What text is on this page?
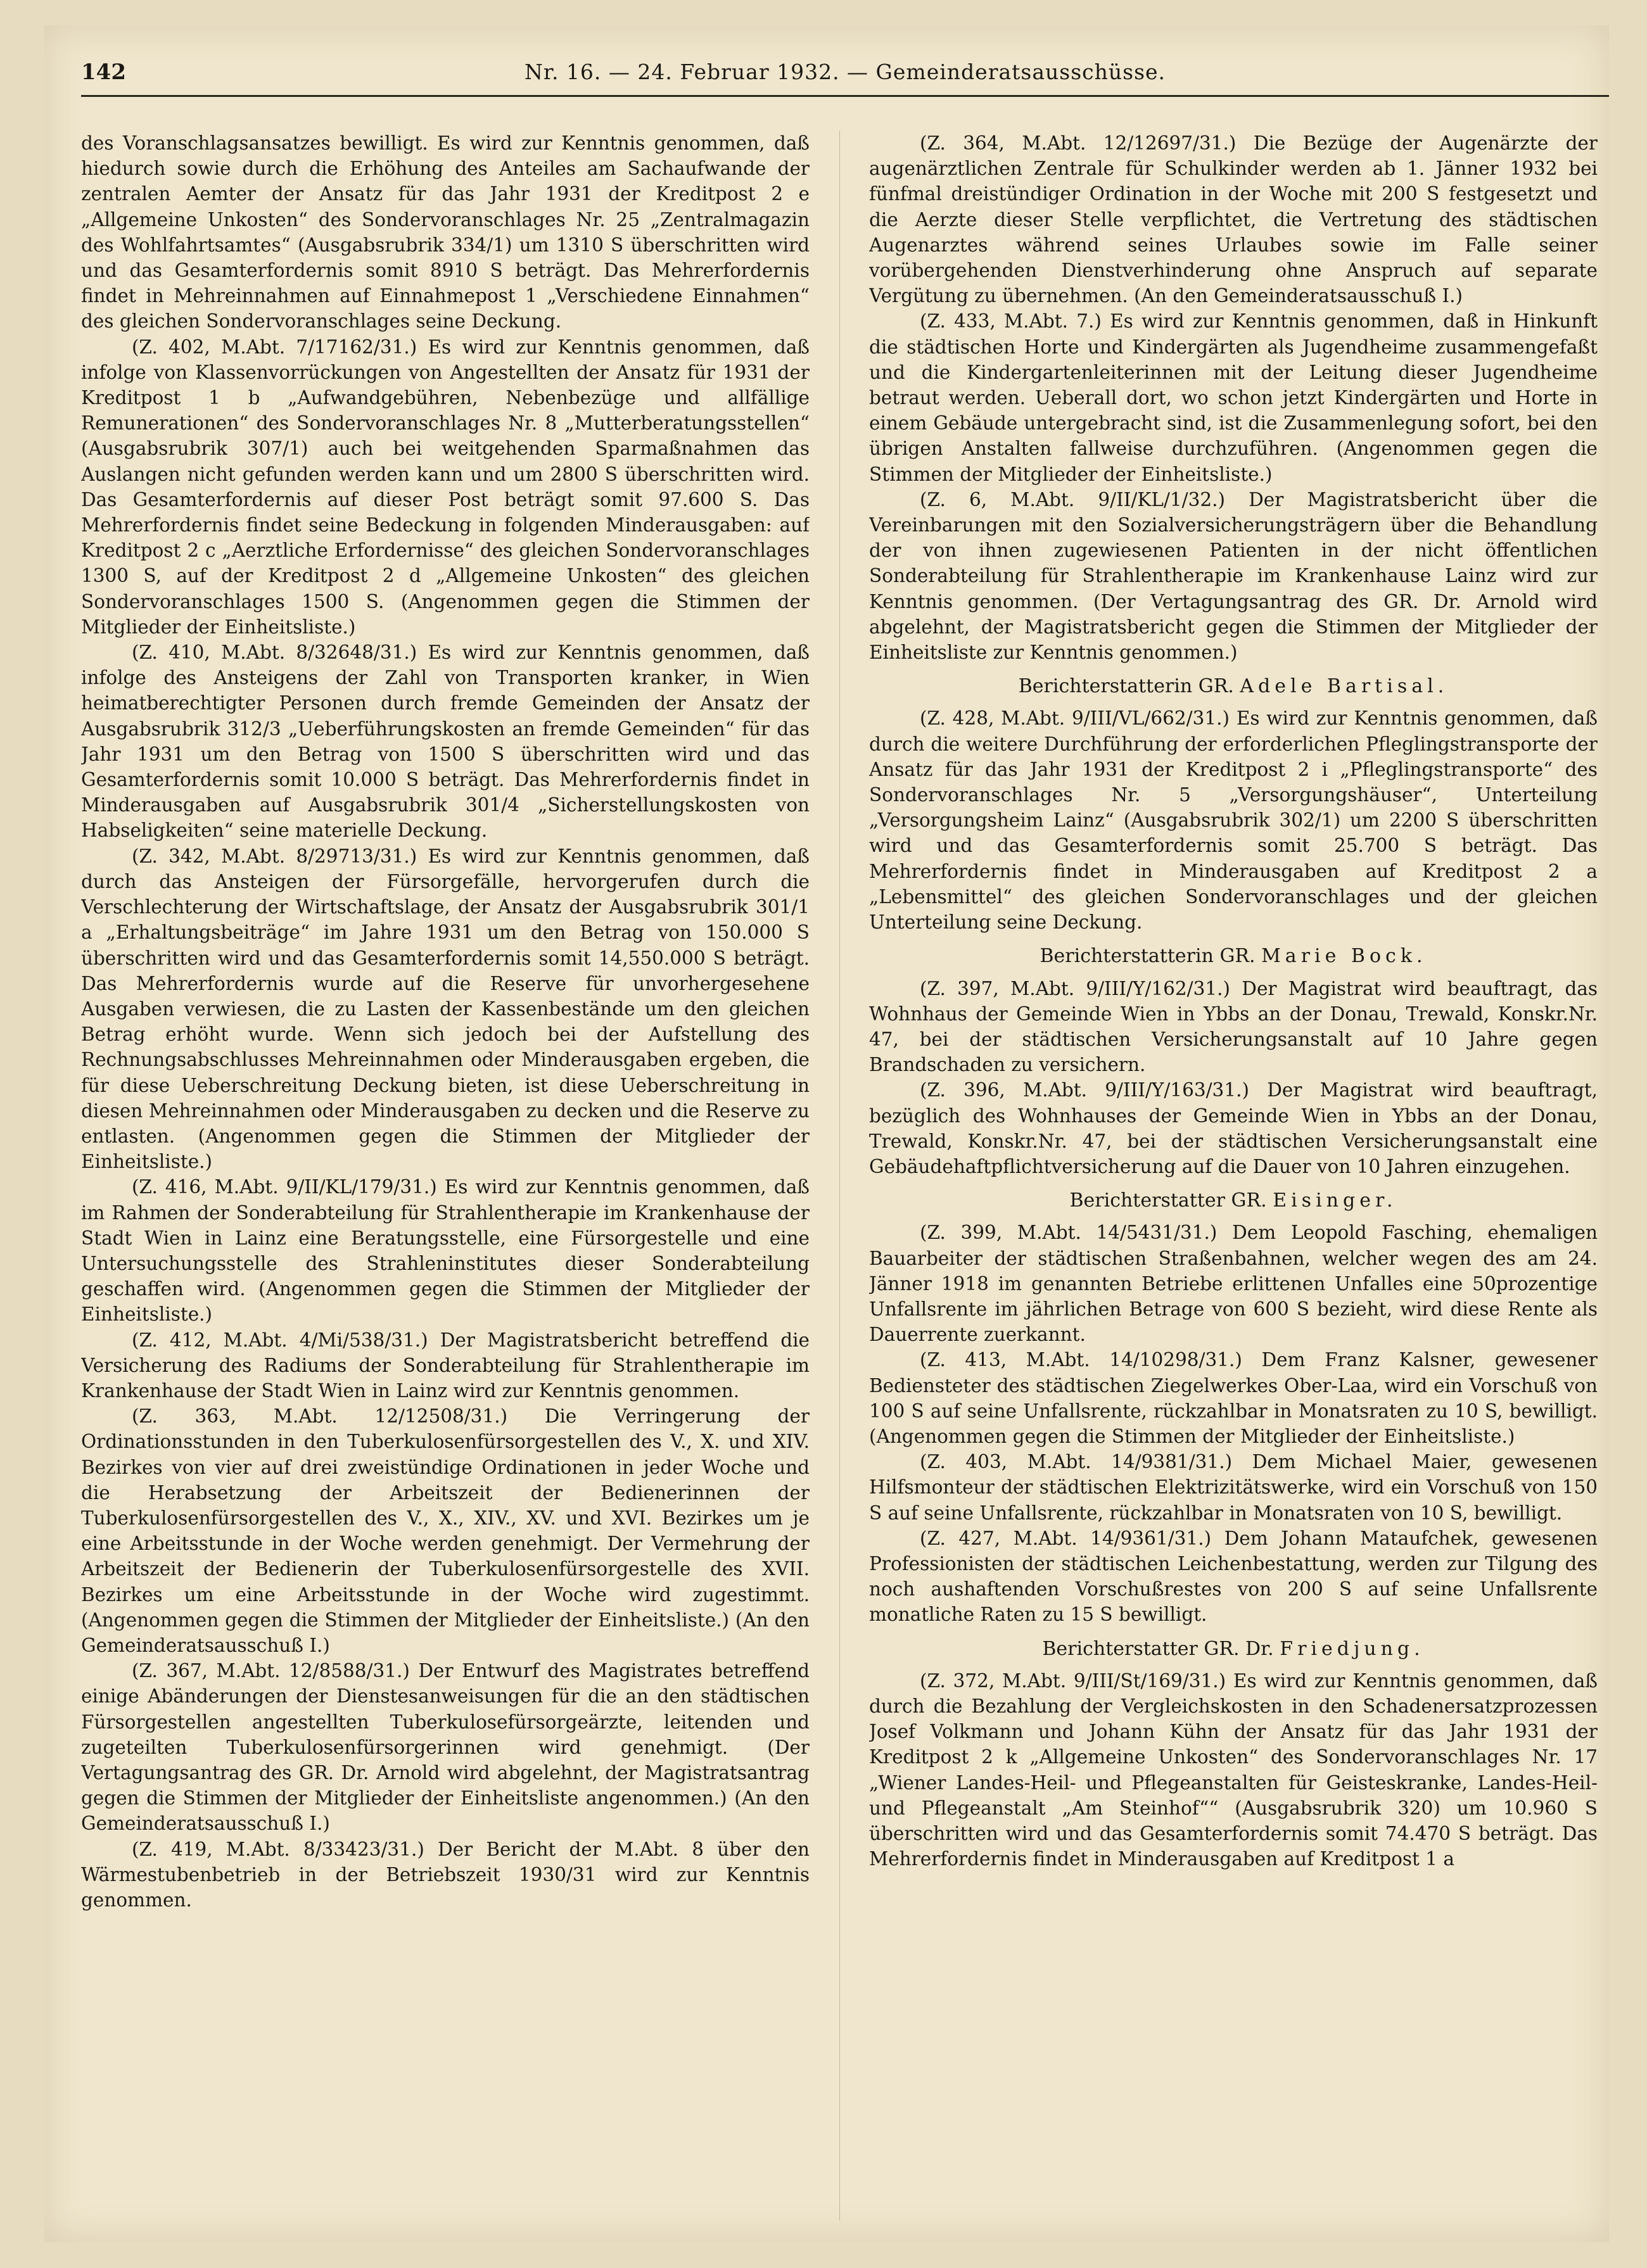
142	Nr. 16. — 24. Februar 1932. — Gemeinderatsausschüsse.

des Voranschlagsansatzes bewilligt. Es wird zur Kenntnis genommen, daß hiedurch sowie durch die Erhöhung des Anteiles am Sachaufwande der zentralen Aemter der Ansatz für das Jahr 1931 der Kreditpost 2 e „Allgemeine Unkosten“ des Sondervoranschlages Nr. 25 „Zentralmagazin des Wohlfahrtsamtes“ (Ausgabsrubrik 334/1) um 1310 S überschritten wird und das Gesamterfordernis somit 8910 S beträgt. Das Mehrerfordernis findet in Mehreinnahmen auf Einnahmepost 1 „Verschiedene Einnahmen“ des gleichen Sondervoranschlages seine Deckung.

(Z. 402, M.Abt. 7/17162/31.) Es wird zur Kenntnis genommen, daß infolge von Klassenvorrückungen von Angestellten der Ansatz für 1931 der Kreditpost 1 b „Aufwandgebühren, Nebenbezüge und allfällige Remunerationen“ des Sondervoranschlages Nr. 8 „Mutterberatungsstellen“ (Ausgabsrubrik 307/1) auch bei weitgehenden Sparmaßnahmen das Auslangen nicht gefunden werden kann und um 2800 S überschritten wird. Das Gesamterfordernis auf dieser Post beträgt somit 97.600 S. Das Mehrerfordernis findet seine Bedeckung in folgenden Minderausgaben: auf Kreditpost 2 c „Aerztliche Erfordernisse“ des gleichen Sondervoranschlages 1300 S, auf der Kreditpost 2 d „Allgemeine Unkosten“ des gleichen Sondervoranschlages 1500 S. (Angenommen gegen die Stimmen der Mitglieder der Einheitsliste.)

(Z. 410, M.Abt. 8/32648/31.) Es wird zur Kenntnis genommen, daß infolge des Ansteigens der Zahl von Transporten kranker, in Wien heimatberechtigter Personen durch fremde Gemeinden der Ansatz der Ausgabsrubrik 312/3 „Ueberführungskosten an fremde Gemeinden“ für das Jahr 1931 um den Betrag von 1500 S überschritten wird und das Gesamterfordernis somit 10.000 S beträgt. Das Mehrerfordernis findet in Minderausgaben auf Ausgabsrubrik 301/4 „Sicherstellungskosten von Habseligkeiten“ seine materielle Deckung.

(Z. 342, M.Abt. 8/29713/31.) Es wird zur Kenntnis genommen, daß durch das Ansteigen der Fürsorgefälle, hervorgerufen durch die Verschlechterung der Wirtschaftslage, der Ansatz der Ausgabsrubrik 301/1 a „Erhaltungsbeiträge“ im Jahre 1931 um den Betrag von 150.000 S überschritten wird und das Gesamterfordernis somit 14,550.000 S beträgt. Das Mehrerfordernis wurde auf die Reserve für unvorhergesehene Ausgaben verwiesen, die zu Lasten der Kassenbestände um den gleichen Betrag erhöht wurde. Wenn sich jedoch bei der Aufstellung des Rechnungsabschlusses Mehreinnahmen oder Minderausgaben ergeben, die für diese Ueberschreitung Deckung bieten, ist diese Ueberschreitung in diesen Mehreinnahmen oder Minderausgaben zu decken und die Reserve zu entlasten. (Angenommen gegen die Stimmen der Mitglieder der Einheitsliste.)

(Z. 416, M.Abt. 9/II/KL/179/31.) Es wird zur Kenntnis genommen, daß im Rahmen der Sonderabteilung für Strahlentherapie im Krankenhause der Stadt Wien in Lainz eine Beratungsstelle, eine Fürsorgestelle und eine Untersuchungsstelle des Strahleninstitutes dieser Sonderabteilung geschaffen wird. (Angenommen gegen die Stimmen der Mitglieder der Einheitsliste.)

(Z. 412, M.Abt. 4/Mi/538/31.) Der Magistratsbericht betreffend die Versicherung des Radiums der Sonderabteilung für Strahlentherapie im Krankenhause der Stadt Wien in Lainz wird zur Kenntnis genommen.

(Z. 363, M.Abt. 12/12508/31.) Die Verringerung der Ordinationsstunden in den Tuberkulosenfürsorgestellen des V., X. und XIV. Bezirkes von vier auf drei zweistündige Ordinationen in jeder Woche und die Herabsetzung der Arbeitszeit der Bedienerinnen der Tuberkulosenfürsorgestellen des V., X., XIV., XV. und XVI. Bezirkes um je eine Arbeitsstunde in der Woche werden genehmigt. Der Vermehrung der Arbeitszeit der Bedienerin der Tuberkulosenfürsorgestelle des XVII. Bezirkes um eine Arbeitsstunde in der Woche wird zugestimmt. (Angenommen gegen die Stimmen der Mitglieder der Einheitsliste.) (An den Gemeinderatsausschuß I.)

(Z. 367, M.Abt. 12/8588/31.) Der Entwurf des Magistrates betreffend einige Abänderungen der Dienstesanweisungen für die an den städtischen Fürsorgestellen angestellten Tuberkulosefürsorgeärzte, leitenden und zugeteilten Tuberkulosenfürsorgerinnen wird genehmigt. (Der Vertagungsantrag des GR. Dr. Arnold wird abgelehnt, der Magistratsantrag gegen die Stimmen der Mitglieder der Einheitsliste angenommen.) (An den Gemeinderatsausschuß I.)

(Z. 419, M.Abt. 8/33423/31.) Der Bericht der M.Abt. 8 über den Wärmestubenbetrieb in der Betriebszeit 1930/31 wird zur Kenntnis genommen.

(Z. 364, M.Abt. 12/12697/31.) Die Bezüge der Augenärzte der augenärztlichen Zentrale für Schulkinder werden ab 1. Jänner 1932 bei fünfmal dreistündiger Ordination in der Woche mit 200 S festgesetzt und die Aerzte dieser Stelle verpflichtet, die Vertretung des städtischen Augenarztes während seines Urlaubes sowie im Falle seiner vorübergehenden Dienstverhinderung ohne Anspruch auf separate Vergütung zu übernehmen. (An den Gemeinderatsausschuß I.)

(Z. 433, M.Abt. 7.) Es wird zur Kenntnis genommen, daß in Hinkunft die städtischen Horte und Kindergärten als Jugendheime zusammengefaßt und die Kindergartenleiterinnen mit der Leitung dieser Jugendheime betraut werden. Ueberall dort, wo schon jetzt Kindergärten und Horte in einem Gebäude untergebracht sind, ist die Zusammenlegung sofort, bei den übrigen Anstalten fallweise durchzuführen. (Angenommen gegen die Stimmen der Mitglieder der Einheitsliste.)

(Z. 6, M.Abt. 9/II/KL/1/32.) Der Magistratsbericht über die Vereinbarungen mit den Sozialversicherungsträgern über die Behandlung der von ihnen zugewiesenen Patienten in der nicht öffentlichen Sonderabteilung für Strahlentherapie im Krankenhause Lainz wird zur Kenntnis genommen. (Der Vertagungsantrag des GR. Dr. Arnold wird abgelehnt, der Magistratsbericht gegen die Stimmen der Mitglieder der Einheitsliste zur Kenntnis genommen.)

Berichterstatterin GR. Adele Bartisal.

(Z. 428, M.Abt. 9/III/VL/662/31.) Es wird zur Kenntnis genommen, daß durch die weitere Durchführung der erforderlichen Pfleglingstransporte der Ansatz für das Jahr 1931 der Kreditpost 2 i „Pfleglingstransporte“ des Sondervoranschlages Nr. 5 „Versorgungshäuser“, Unterteilung „Versorgungsheim Lainz“ (Ausgabsrubrik 302/1) um 2200 S überschritten wird und das Gesamterfordernis somit 25.700 S beträgt. Das Mehrerfordernis findet in Minderausgaben auf Kreditpost 2 a „Lebensmittel“ des gleichen Sondervoranschlages und der gleichen Unterteilung seine Deckung.

Berichterstatterin GR. Marie Bock.

(Z. 397, M.Abt. 9/III/Y/162/31.) Der Magistrat wird beauftragt, das Wohnhaus der Gemeinde Wien in Ybbs an der Donau, Trewald, Konskr.Nr. 47, bei der städtischen Versicherungsanstalt auf 10 Jahre gegen Brandschaden zu versichern.

(Z. 396, M.Abt. 9/III/Y/163/31.) Der Magistrat wird beauftragt, bezüglich des Wohnhauses der Gemeinde Wien in Ybbs an der Donau, Trewald, Konskr.Nr. 47, bei der städtischen Versicherungsanstalt eine Gebäudehaftpflichtversicherung auf die Dauer von 10 Jahren einzugehen.

Berichterstatter GR. Eisinger.

(Z. 399, M.Abt. 14/5431/31.) Dem Leopold Fasching, ehemaligen Bauarbeiter der städtischen Straßenbahnen, welcher wegen des am 24. Jänner 1918 im genannten Betriebe erlittenen Unfalles eine 50prozentige Unfallsrente im jährlichen Betrage von 600 S bezieht, wird diese Rente als Dauerrente zuerkannt.

(Z. 413, M.Abt. 14/10298/31.) Dem Franz Kalsner, gewesener Bediensteter des städtischen Ziegelwerkes Ober-Laa, wird ein Vorschuß von 100 S auf seine Unfallsrente, rückzahlbar in Monatsraten zu 10 S, bewilligt. (Angenommen gegen die Stimmen der Mitglieder der Einheitsliste.)

(Z. 403, M.Abt. 14/9381/31.) Dem Michael Maier, gewesenen Hilfsmonteur der städtischen Elektrizitätswerke, wird ein Vorschuß von 150 S auf seine Unfallsrente, rückzahlbar in Monatsraten von 10 S, bewilligt.

(Z. 427, M.Abt. 14/9361/31.) Dem Johann Mataufchek, gewesenen Professionisten der städtischen Leichenbestattung, werden zur Tilgung des noch aushaftenden Vorschußrestes von 200 S auf seine Unfallsrente monatliche Raten zu 15 S bewilligt.

Berichterstatter GR. Dr. Friedjung.

(Z. 372, M.Abt. 9/III/St/169/31.) Es wird zur Kenntnis genommen, daß durch die Bezahlung der Vergleichskosten in den Schadenersatzprozessen Josef Volkmann und Johann Kühn der Ansatz für das Jahr 1931 der Kreditpost 2 k „Allgemeine Unkosten“ des Sondervoranschlages Nr. 17 „Wiener Landes-Heil- und Pflegeanstalten für Geisteskranke, Landes-Heil- und Pflegeanstalt „Am Steinhof““ (Ausgabsrubrik 320) um 10.960 S überschritten wird und das Gesamterfordernis somit 74.470 S beträgt. Das Mehrerfordernis findet in Minderausgaben auf Kreditpost 1 a
